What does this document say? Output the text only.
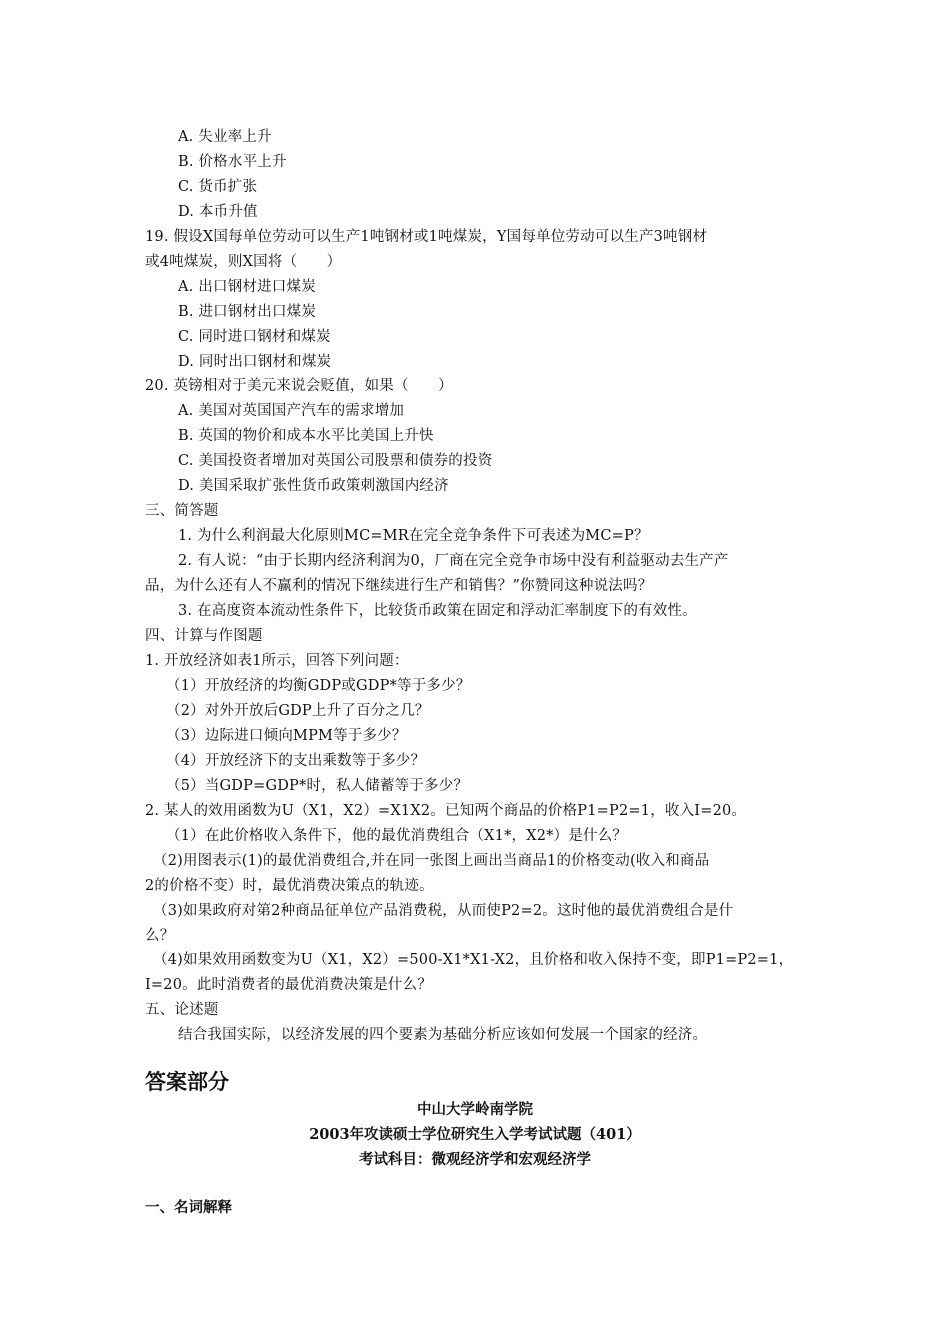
A. 失业率上升
B. 价格水平上升
C. 货币扩张
D. 本币升值
19. 假设X国每单位劳动可以生产1吨钢材或1吨煤炭，Y国每单位劳动可以生产3吨钢材
或4吨煤炭，则X国将（　　）
A. 出口钢材进口煤炭
B. 进口钢材出口煤炭
C. 同时进口钢材和煤炭
D. 同时出口钢材和煤炭
20. 英镑相对于美元来说会贬值，如果（　　）
A. 美国对英国国产汽车的需求增加
B. 英国的物价和成本水平比美国上升快
C. 美国投资者增加对英国公司股票和债券的投资
D. 美国采取扩张性货币政策刺激国内经济
三、简答题
1. 为什么利润最大化原则MC=MR在完全竞争条件下可表述为MC=P？
2. 有人说：“由于长期内经济利润为0，厂商在完全竞争市场中没有利益驱动去生产产
品，为什么还有人不赢利的情况下继续进行生产和销售？”你赞同这种说法吗？
3. 在高度资本流动性条件下，比较货币政策在固定和浮动汇率制度下的有效性。
四、计算与作图题
1. 开放经济如表1所示，回答下列问题：
（1）开放经济的均衡GDP或GDP*等于多少？
（2）对外开放后GDP上升了百分之几？
（3）边际进口倾向MPM等于多少？
（4）开放经济下的支出乘数等于多少？
（5）当GDP=GDP*时，私人储蓄等于多少？
2. 某人的效用函数为U（X1，X2）=X1X2。已知两个商品的价格P1=P2=1，收入I=20。
（1）在此价格收入条件下，他的最优消费组合（X1*，X2*）是什么？
（2)用图表示(1)的最优消费组合,并在同一张图上画出当商品1的价格变动(收入和商品
2的价格不变）时，最优消费决策点的轨迹。
（3)如果政府对第2种商品征单位产品消费税，从而使P2=2。这时他的最优消费组合是什
么？
（4)如果效用函数变为U（X1，X2）=500-X1*X1-X2，且价格和收入保持不变，即P1=P2=1，
I=20。此时消费者的最优消费决策是什么？
五、论述题
结合我国实际，以经济发展的四个要素为基础分析应该如何发展一个国家的经济。
答案部分
中山大学岭南学院
2003年攻读硕士学位研究生入学考试试题（401）
考试科目：微观经济学和宏观经济学
一、名词解释
